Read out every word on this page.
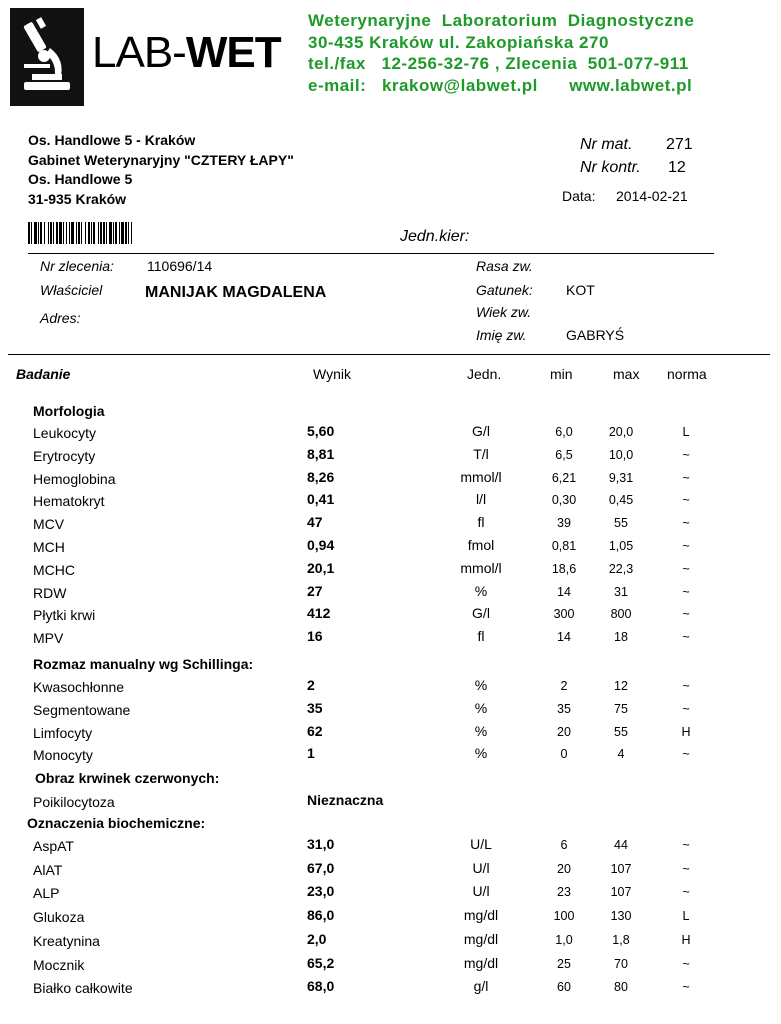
LAB-WET
Weterynaryjne  Laboratorium  Diagnostyczne
30-435 Kraków ul. Zakopiańska 270
tel./fax   12-256-32-76 , Zlecenia  501-077-911
e-mail:   krakow@labwet.pl      www.labwet.pl
Os. Handlowe 5 - Kraków
Gabinet Weterynaryjny "CZTERY ŁAPY"
Os. Handlowe 5
31-935 Kraków
Nr mat. 271
Nr kontr. 12
Data: 2014-02-21
Jedn.kier:
Nr zlecenia: 110696/14
Właściciel	MANIJAK MAGDALENA
Adres:
Rasa zw.
Gatunek: KOT
Wiek zw.
Imię zw.	GABRYŚ
Badanie	Wynik	Jedn.	min	max norma
Morfologia
Leukocyty	5,60	G/l	6,0	20,0	L
Erytrocyty	8,81	T/l	6,5	10,0	~
Hemoglobina	8,26	mmol/l	6,21	9,31	~
Hematokryt	0,41	l/l	0,30	0,45	~
MCV	47	fl	39	55	~
MCH	0,94	fmol	0,81	1,05	~
MCHC	20,1	mmol/l	18,6	22,3	~
RDW	27	%	14	31	~
Płytki krwi	412	G/l	300	800	~
MPV	16	fl	14	18	~
Rozmaz manualny wg Schillinga:
Kwasochłonne	2	%	2	12	~
Segmentowane	35	%	35	75	~
Limfocyty	62	%	20	55	H
Monocyty	1	%	0	4	~
Obraz krwinek czerwonych:
Poikilocytoza	Nieznaczna
Oznaczenia biochemiczne:
AspAT	31,0	U/L	6	44	~
AlAT	67,0	U/l	20	107	~
ALP	23,0	U/l	23	107	~
Glukoza	86,0	mg/dl	100	130	L
Kreatynina	2,0	mg/dl	1,0	1,8	H
Mocznik	65,2	mg/dl	25	70	~
Białko całkowite	68,0	g/l	60	80	~
